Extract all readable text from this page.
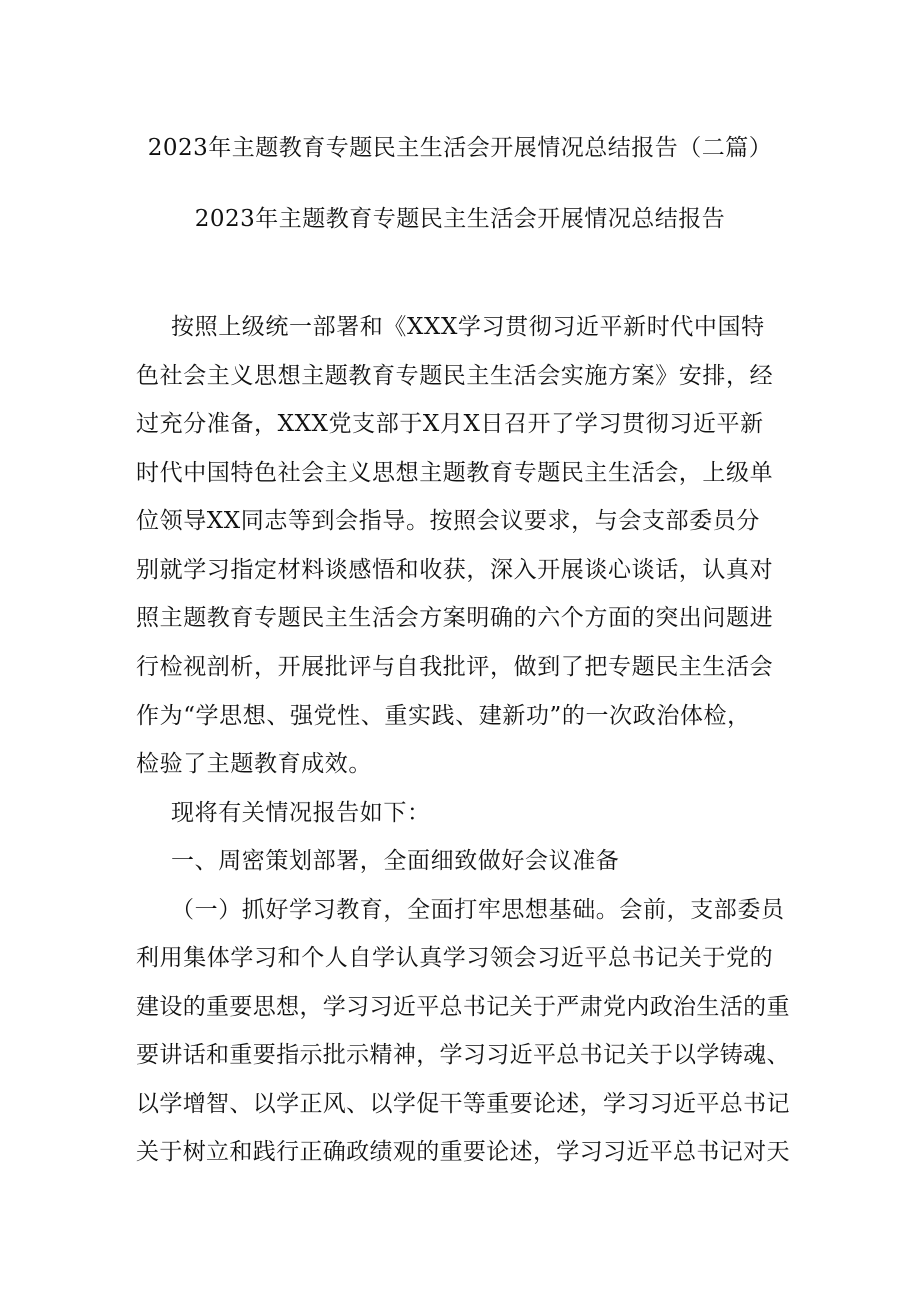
2023年主题教育专题民主生活会开展情况总结报告（二篇）
2023年主题教育专题民主生活会开展情况总结报告
按照上级统一部署和《XXX学习贯彻习近平新时代中国特
色社会主义思想主题教育专题民主生活会实施方案》安排，经
过充分准备，XXX党支部于X月X日召开了学习贯彻习近平新
时代中国特色社会主义思想主题教育专题民主生活会，上级单
位领导XX同志等到会指导。按照会议要求，与会支部委员分
别就学习指定材料谈感悟和收获，深入开展谈心谈话，认真对
照主题教育专题民主生活会方案明确的六个方面的突出问题进
行检视剖析，开展批评与自我批评，做到了把专题民主生活会
作为“学思想、强党性、重实践、建新功”的一次政治体检，
检验了主题教育成效。
现将有关情况报告如下：
一、周密策划部署，全面细致做好会议准备
（一）抓好学习教育，全面打牢思想基础。会前，支部委员
利用集体学习和个人自学认真学习领会习近平总书记关于党的
建设的重要思想，学习习近平总书记关于严肃党内政治生活的重
要讲话和重要指示批示精神，学习习近平总书记关于以学铸魂、
以学增智、以学正风、以学促干等重要论述，学习习近平总书记
关于树立和践行正确政绩观的重要论述，学习习近平总书记对天
